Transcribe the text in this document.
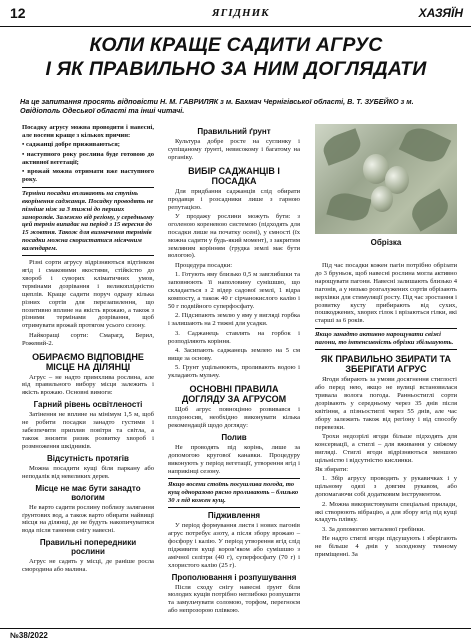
12	ЯГІДНИК	ХАЗЯЇН
КОЛИ КРАЩЕ САДИТИ АГРУС
І ЯК ПРАВИЛЬНО ЗА НИМ ДОГЛЯДАТИ
На це запитання просять відповісти Н. М. ГАВРИЛЯК з м. Бахмач Чернігівської області, В. Т. ЗУБЕЙКО з м. Овідіополь Одеської області та інші читачі.

Посадку агрусу можна проводити і навесні, але восени краще з кількох причин:

• саджанці добре приживаються;

• наступного року рослина буде готовою до активної вегетації;

• врожай можна отримати вже наступного року.

Терміни посадки впливають на ступінь вкорінення саджанця. Посадку проводять не пізніше ніж за 3 тижні до перших заморозків. Залежно від регіону, у середньому цей термін випадає на період з 15 вересня до 15 жовтня. Також для визначення термінів посадки можна скористатися місячним календарем.

Різні сорти агрусу відрізняються відтінком ягід і смаковими якостями, стійкістю до хвороб і суворих кліматичних умов, термінами дозрівання і великоплідністю щеплів. Краще садити поруч одразу кілька різних сортів для перезапилення, що позитивно вплине на якість врожаю, а також з різними термінами дозрівання, щоб отримувати врожай протягом усього сезону.

Найкоращі сорти: Смарагд, Берил, Рожевий-2.

ОБИРАЄМО ВІДПОВІДНЕ МІСЦЕ НА ДІЛЯНЦІ

Агрус – не надто примхлива рослина, але від правильного вибору місця залежить і якість врожаю. Основні вимоги:

Гарний рівень освітленості

Затінення не вплине на мінімум 1,5 м, щоб не робити посадки занадто густими і забезпечити приплив повітря та світла, а також знизити ризик розвитку хвороб і розмноження шкідників.

Відсутність протягів

Можна посадити кущі біля паркану або неподалік від невеликих дерев.

Місце не має бути занадто вологим

Не варто садити рослину поблизу залягання ґрунтових вод, а також варто обирати найвищі місця на ділянці, де не будуть накопичуватися вода після танення снігу навесні.

Правильні попередники рослини

Агрус не садять у місці, де раніше росла смородина або малина.

Правильний ґрунт

Культура добре росте на суглинку і супіщаному ґрунті, невисокому і багатому на органіку.

ВИБІР САДЖАНЦІВ І ПОСАДКА

Для придбання саджанців слід обирати продавця і розсадники лише з гарною репутацією.

У продажу рослини можуть бути: з оголеною кореневою системою (підходять для посадки лише на початку осені), у ємності (їх можна садити у будь-який момент), з закритим земляним корінням (грудка землі має бути вологою).

Процедура посадки:

1. Готують яму близько 0,5 м завглибшки та заповнюють її наполовину сумішшю, що складається з 2 відер садової землі, 1 відра компосту, а також 40 г сірчанокислого калію і 50 г подвійного суперфосфату.

2. Підсипають землю у яму у вигляді горбка і залишають на 2 тижні для усадки.

3. Саджанець ставлять на горбок і розподіляють коріння.

4. Засипають саджанець землею на 5 см вище за основу.

5. Грунт ущільнюють, проливають водою і укладають мульчу.

ОСНОВНІ ПРАВИЛА ДОГЛЯДУ ЗА АГРУСОМ

Щоб агрус повноцінно розвивався і плодоносив, необхідно виконувати кілька рекомендацій щодо догляду:

Полив

Не проводять під корінь, лише за допомогою кругової канавки. Процедуру виконують у період вегетації, утворення ягід і наприкінці сезону.

Якщо восени стоїть посушлива погода, то кущ одноразово рясно проливають – близько 30 л під кожен кущ.
Підживлення

У період формування листя і нових пагонів агрус потребує азоту, а після збору врожаю – фосфору і калію. У період утворення ягід слід підживити кущі коровʼяком або сумішшю з амічної селітри (40 г), суперфосфату (70 г) і хлористого калію (25 г).

Прополювання і розпушування

Після сходу снігу навесні ґрунт біля молодих кущів потрібно неглибоко розпушити та замульчувати соломою, торфом, перегноєм або непрозорою плівкою.

Обрізка

Під час посадки кожен пагін потрібно обрізати до 3 бруньок, щоб навесні рослина могла активно нарощувати пагони. Навесні залишають близько 4 пагонів, а у низько розгалужених сортів обрізають верхівки для стимуляції росту. Під час зростання і розвитку кусту прибирають від сухих, пошкоджених, хворих гілок і врізаються гілки, які старші за 6 років.

Якщо занадто активно нарощувати свіжі пагони, то інтенсивність обрізки збільшують.
ЯК ПРАВИЛЬНО ЗБИРАТИ ТА ЗБЕРІГАТИ АГРУС

Ягоди збирають за умови досягнення стиглості або перед нею, якщо не вулиці встановилася тривала волога погода. Ранньостиглі сорти дозрівають у середньому через 35 днів після квітіння, а пізньостиглі через 55 днів, але час збору залежить також від регіону і від способу перевезки.

Трохи недозрілі ягоди більше підходять для консервації, а стиглі – для вживання у свіжому вигляді. Стиглі ягоди відрізняються меншою щільністю і відсутністю кислинки.

Як збирати:

1. Збір агрусу проводять у рукавичках і у щільному одязі з довгим рукавом, або допомагаючи собі додатковим інструментом.

2. Можна використовувати спеціальні прилади, які створюють вібрацію, а для збору ягід під кущі кладуть плівку.

3. За допомогою металевої гребінки.

Не надто стиглі ягоди підсушують і зберігають не більше 4 днів у холодному темному приміщенні. За

№38/2022
